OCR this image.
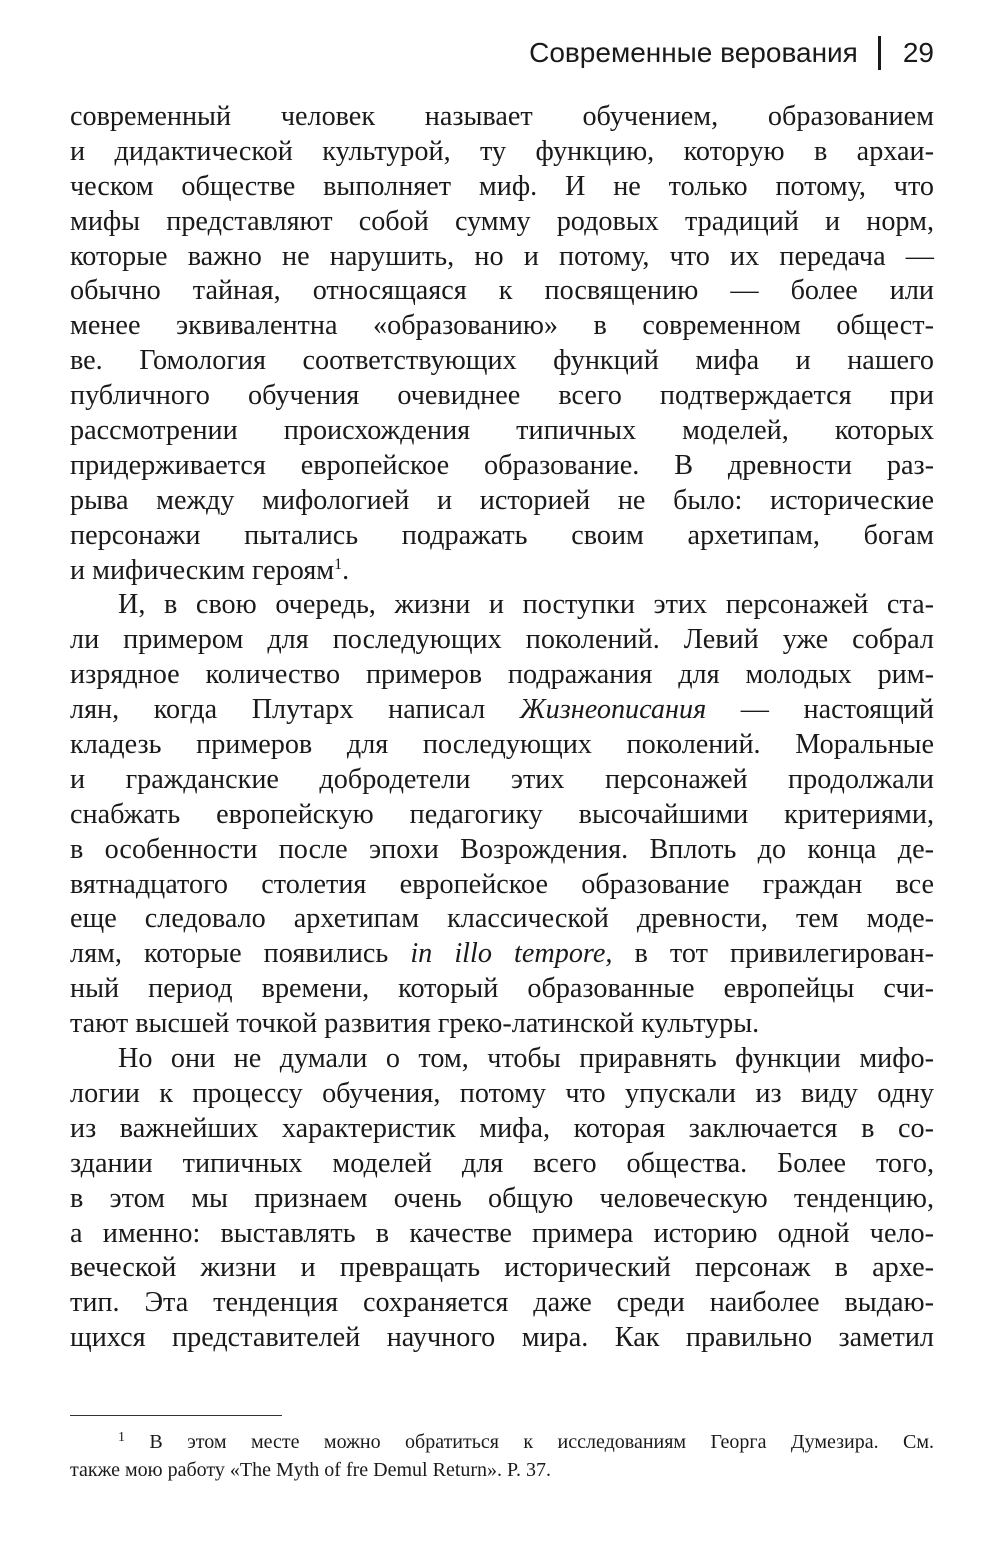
Современные верования 29
современный человек называет обучением, образованием
и дидактической культурой, ту функцию, которую в архаи-
ческом обществе выполняет миф. И не только потому, что
мифы представляют собой сумму родовых традиций и норм,
которые важно не нарушить, но и потому, что их передача —
обычно тайная, относящаяся к посвящению — более или
менее эквивалентна «образованию» в современном общест-
ве. Гомология соответствующих функций мифа и нашего
публичного обучения очевиднее всего подтверждается при
рассмотрении происхождения типичных моделей, которых
придерживается европейское образование. В древности раз-
рыва между мифологией и историей не было: исторические
персонажи пытались подражать своим архетипам, богам
и мифическим героям$^1$.
И, в свою очередь, жизни и поступки этих персонажей ста-
ли примером для последующих поколений. Левий уже собрал
изрядное количество примеров подражания для молодых рим-
лян, когда Плутарх написал Жизнеописания — настоящий
кладезь примеров для последующих поколений. Моральные
и гражданские добродетели этих персонажей продолжали
снабжать европейскую педагогику высочайшими критериями,
в особенности после эпохи Возрождения. Вплоть до конца де-
вятнадцатого столетия европейское образование граждан все
еще следовало архетипам классической древности, тем моде-
лям, которые появились in illo tempore, в тот привилегирован-
ный период времени, который образованные европейцы счи-
тают высшей точкой развития греко-латинской культуры.
Но они не думали о том, чтобы приравнять функции мифо-
логии к процессу обучения, потому что упускали из виду одну
из важнейших характеристик мифа, которая заключается в со-
здании типичных моделей для всего общества. Более того,
в этом мы признаем очень общую человеческую тенденцию,
а именно: выставлять в качестве примера историю одной чело-
веческой жизни и превращать исторический персонаж в архе-
тип. Эта тенденция сохраняется даже среди наиболее выдаю-
щихся представителей научного мира. Как правильно заметил
$^1$ В этом месте можно обратиться к исследованиям Георга Думезира. См.
также мою работу «The Myth of fre Demul Return». P. 37.
